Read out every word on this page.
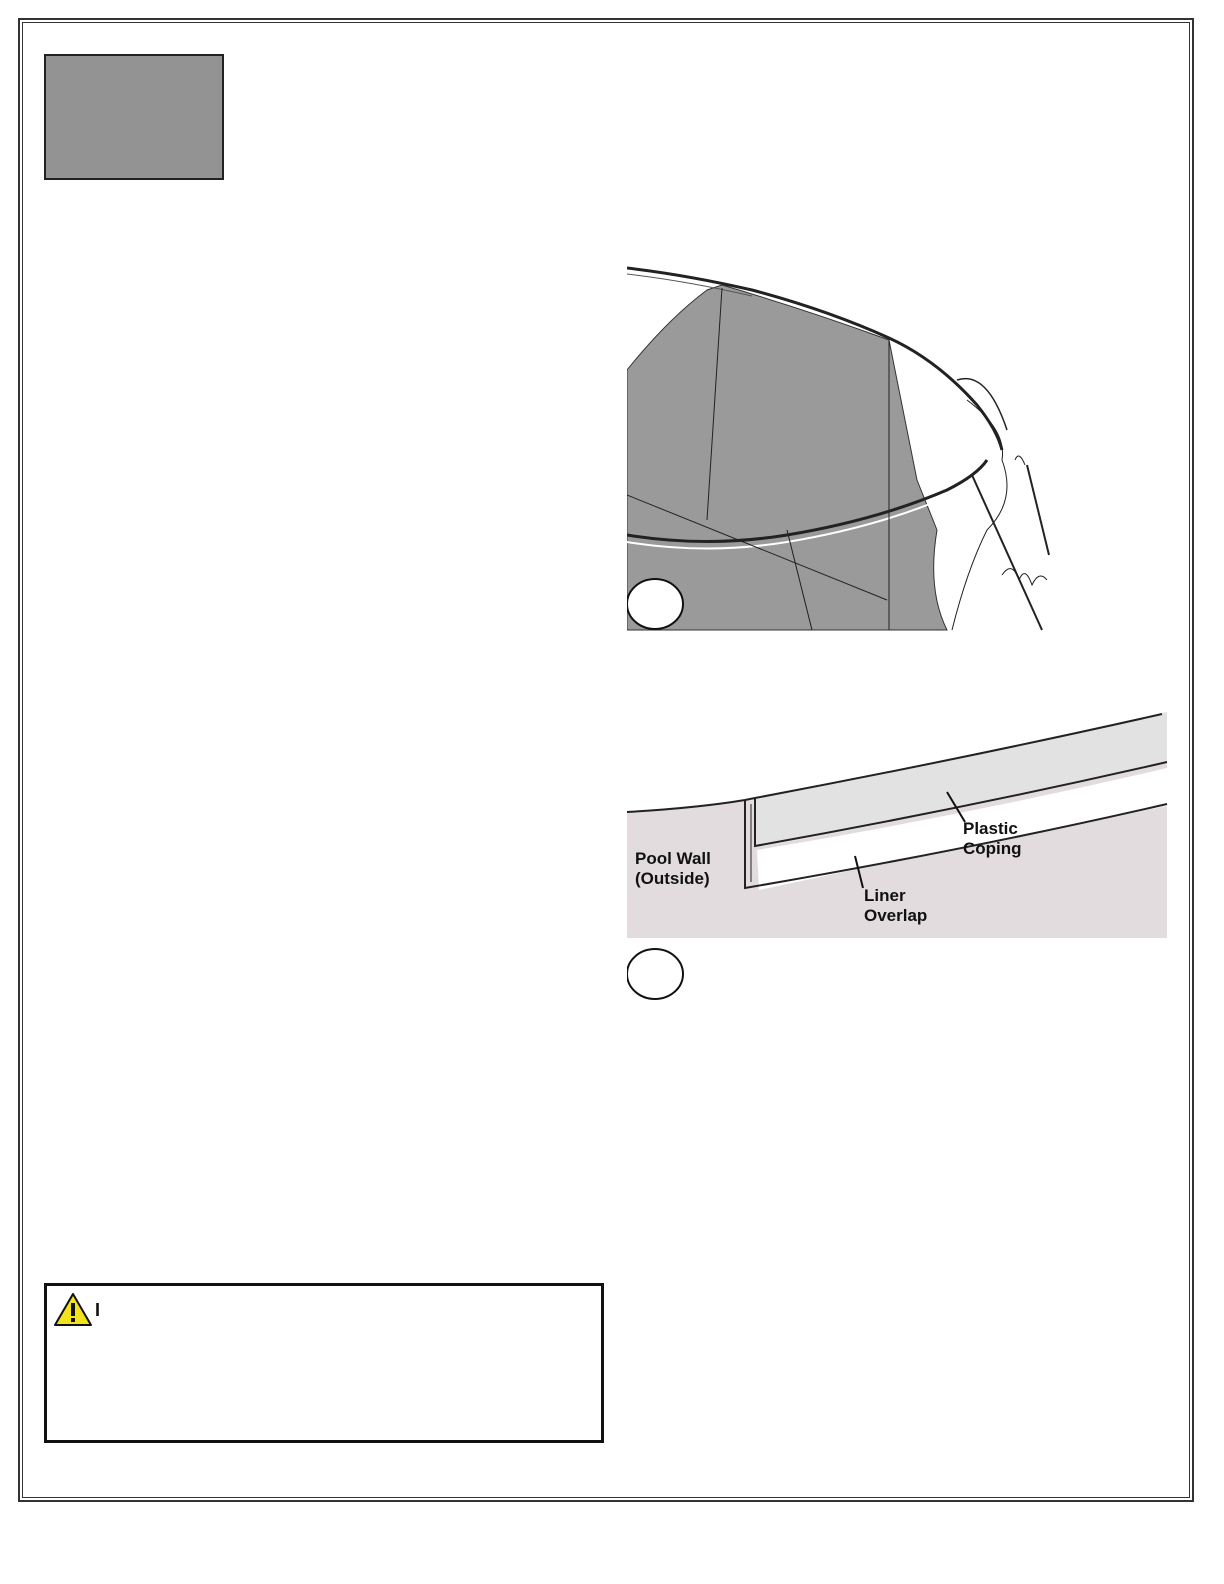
Pool Wall
(Outside)
Plastic
Coping
Liner
Overlap
I
